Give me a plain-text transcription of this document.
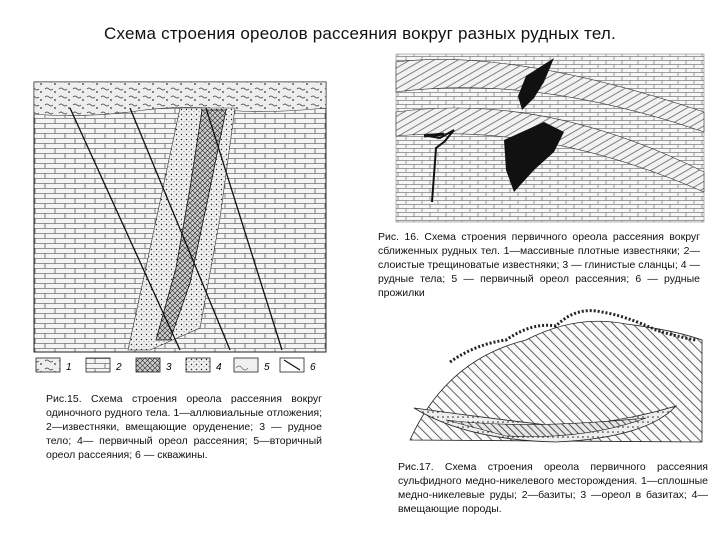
Схема строения ореолов рассеяния вокруг разных рудных тел.
1	2	3	4	5	6
Рис.15. Схема строения ореола рассеяния вокруг одиночного рудного тела. 1—аллювиальные отложения; 2—известняки, вмещающие оруденение; 3 — рудное тело; 4— первичный ореол рассеяния; 5—вторичный ореол рассеяния; 6 — скважины.
Рис. 16. Схема строения первичного ореола рассеяния вокруг сближенных рудных тел. 1—массивные плотные известняки; 2—слоистые трещиноватые известняки; 3 — глинистые сланцы; 4 — рудные тела; 5 — первичный ореол рассеяния; 6 — рудные прожилки
Рис.17. Схема строения ореола первичного рассеяния сульфидного медно-никелевого месторождения. 1—сплошные медно-никелевые руды; 2—базиты; 3 —ореол в базитах; 4—вмещающие породы.
